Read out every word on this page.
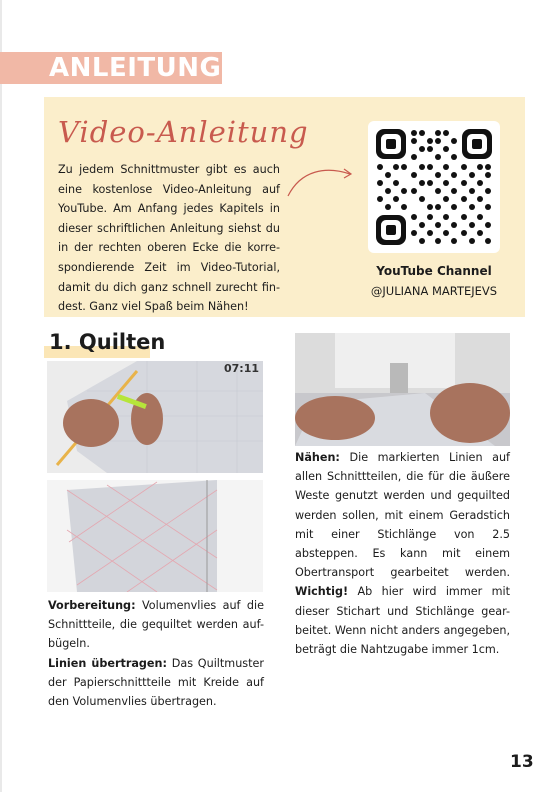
ANLEITUNG
Video-Anleitung
Zu jedem Schnittmuster gibt es auch eine kostenlose Video-Anleitung auf YouTube. Am Anfang jedes Kapitels in dieser schriftlichen Anleitung siehst du in der rechten oberen Ecke die korre- spondierende Zeit im Video-Tutorial, damit du dich ganz schnell zurecht fin- dest. Ganz viel Spaß beim Nähen!
YouTube Channel
@JULIANA MARTEJEVS
1. Quilten
07:11
Vorbereitung: Volumenvlies auf die Schnittteile, die gequiltet werden auf- bügeln.
Linien übertragen: Das Quiltmuster der Papierschnittteile mit Kreide auf den Volumenvlies übertragen.
Nähen: Die markierten Linien auf allen Schnittteilen, die für die äußere Weste genutzt werden und gequilted werden sollen, mit einem Geradstich mit einer Stichlänge von 2.5 absteppen. Es kann mit einem Obertransport gearbeitet werden. Wichtig! Ab hier wird immer mit dieser Stichart und Stichlänge gear- beitet. Wenn nicht anders angegeben, beträgt die Nahtzugabe immer 1cm.
13
